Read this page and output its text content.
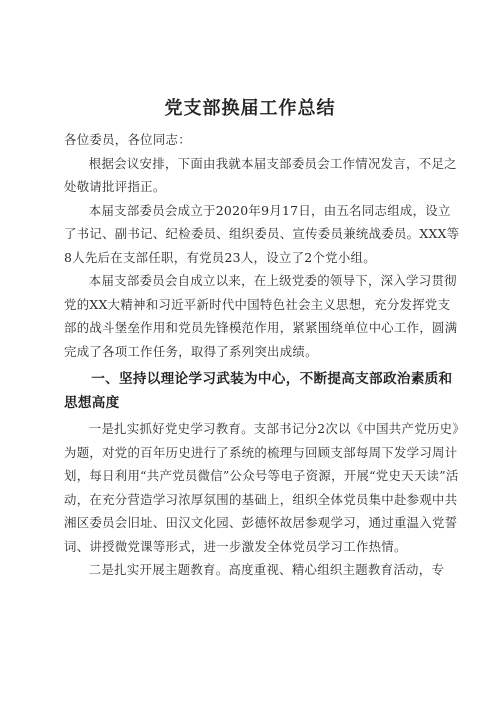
党支部换届工作总结

各位委员，各位同志：

根据会议安排，下面由我就本届支部委员会工作情况发言，不足之处敬请批评指正。

本届支部委员会成立于2020年9月17日，由五名同志组成，设立了书记、副书记、纪检委员、组织委员、宣传委员兼统战委员。XXX等8人先后在支部任职，有党员23人，设立了2个党小组。

本届支部委员会自成立以来，在上级党委的领导下，深入学习贯彻党的XX大精神和习近平新时代中国特色社会主义思想，充分发挥党支部的战斗堡垒作用和党员先锋模范作用，紧紧围绕单位中心工作，圆满完成了各项工作任务，取得了系列突出成绩。

一、坚持以理论学习武装为中心，不断提高支部政治素质和思想高度

一是扎实抓好党史学习教育。支部书记分2次以《中国共产党历史》为题，对党的百年历史进行了系统的梳理与回顾支部每周下发学习周计划，每日利用“共产党员微信”公众号等电子资源，开展“党史天天读”活动，在充分营造学习浓厚氛围的基础上，组织全体党员集中赴参观中共湘区委员会旧址、田汉文化园、彭德怀故居参观学习，通过重温入党誓词、讲授微党课等形式，进一步激发全体党员学习工作热情。

二是扎实开展主题教育。高度重视、精心组织主题教育活动，专
